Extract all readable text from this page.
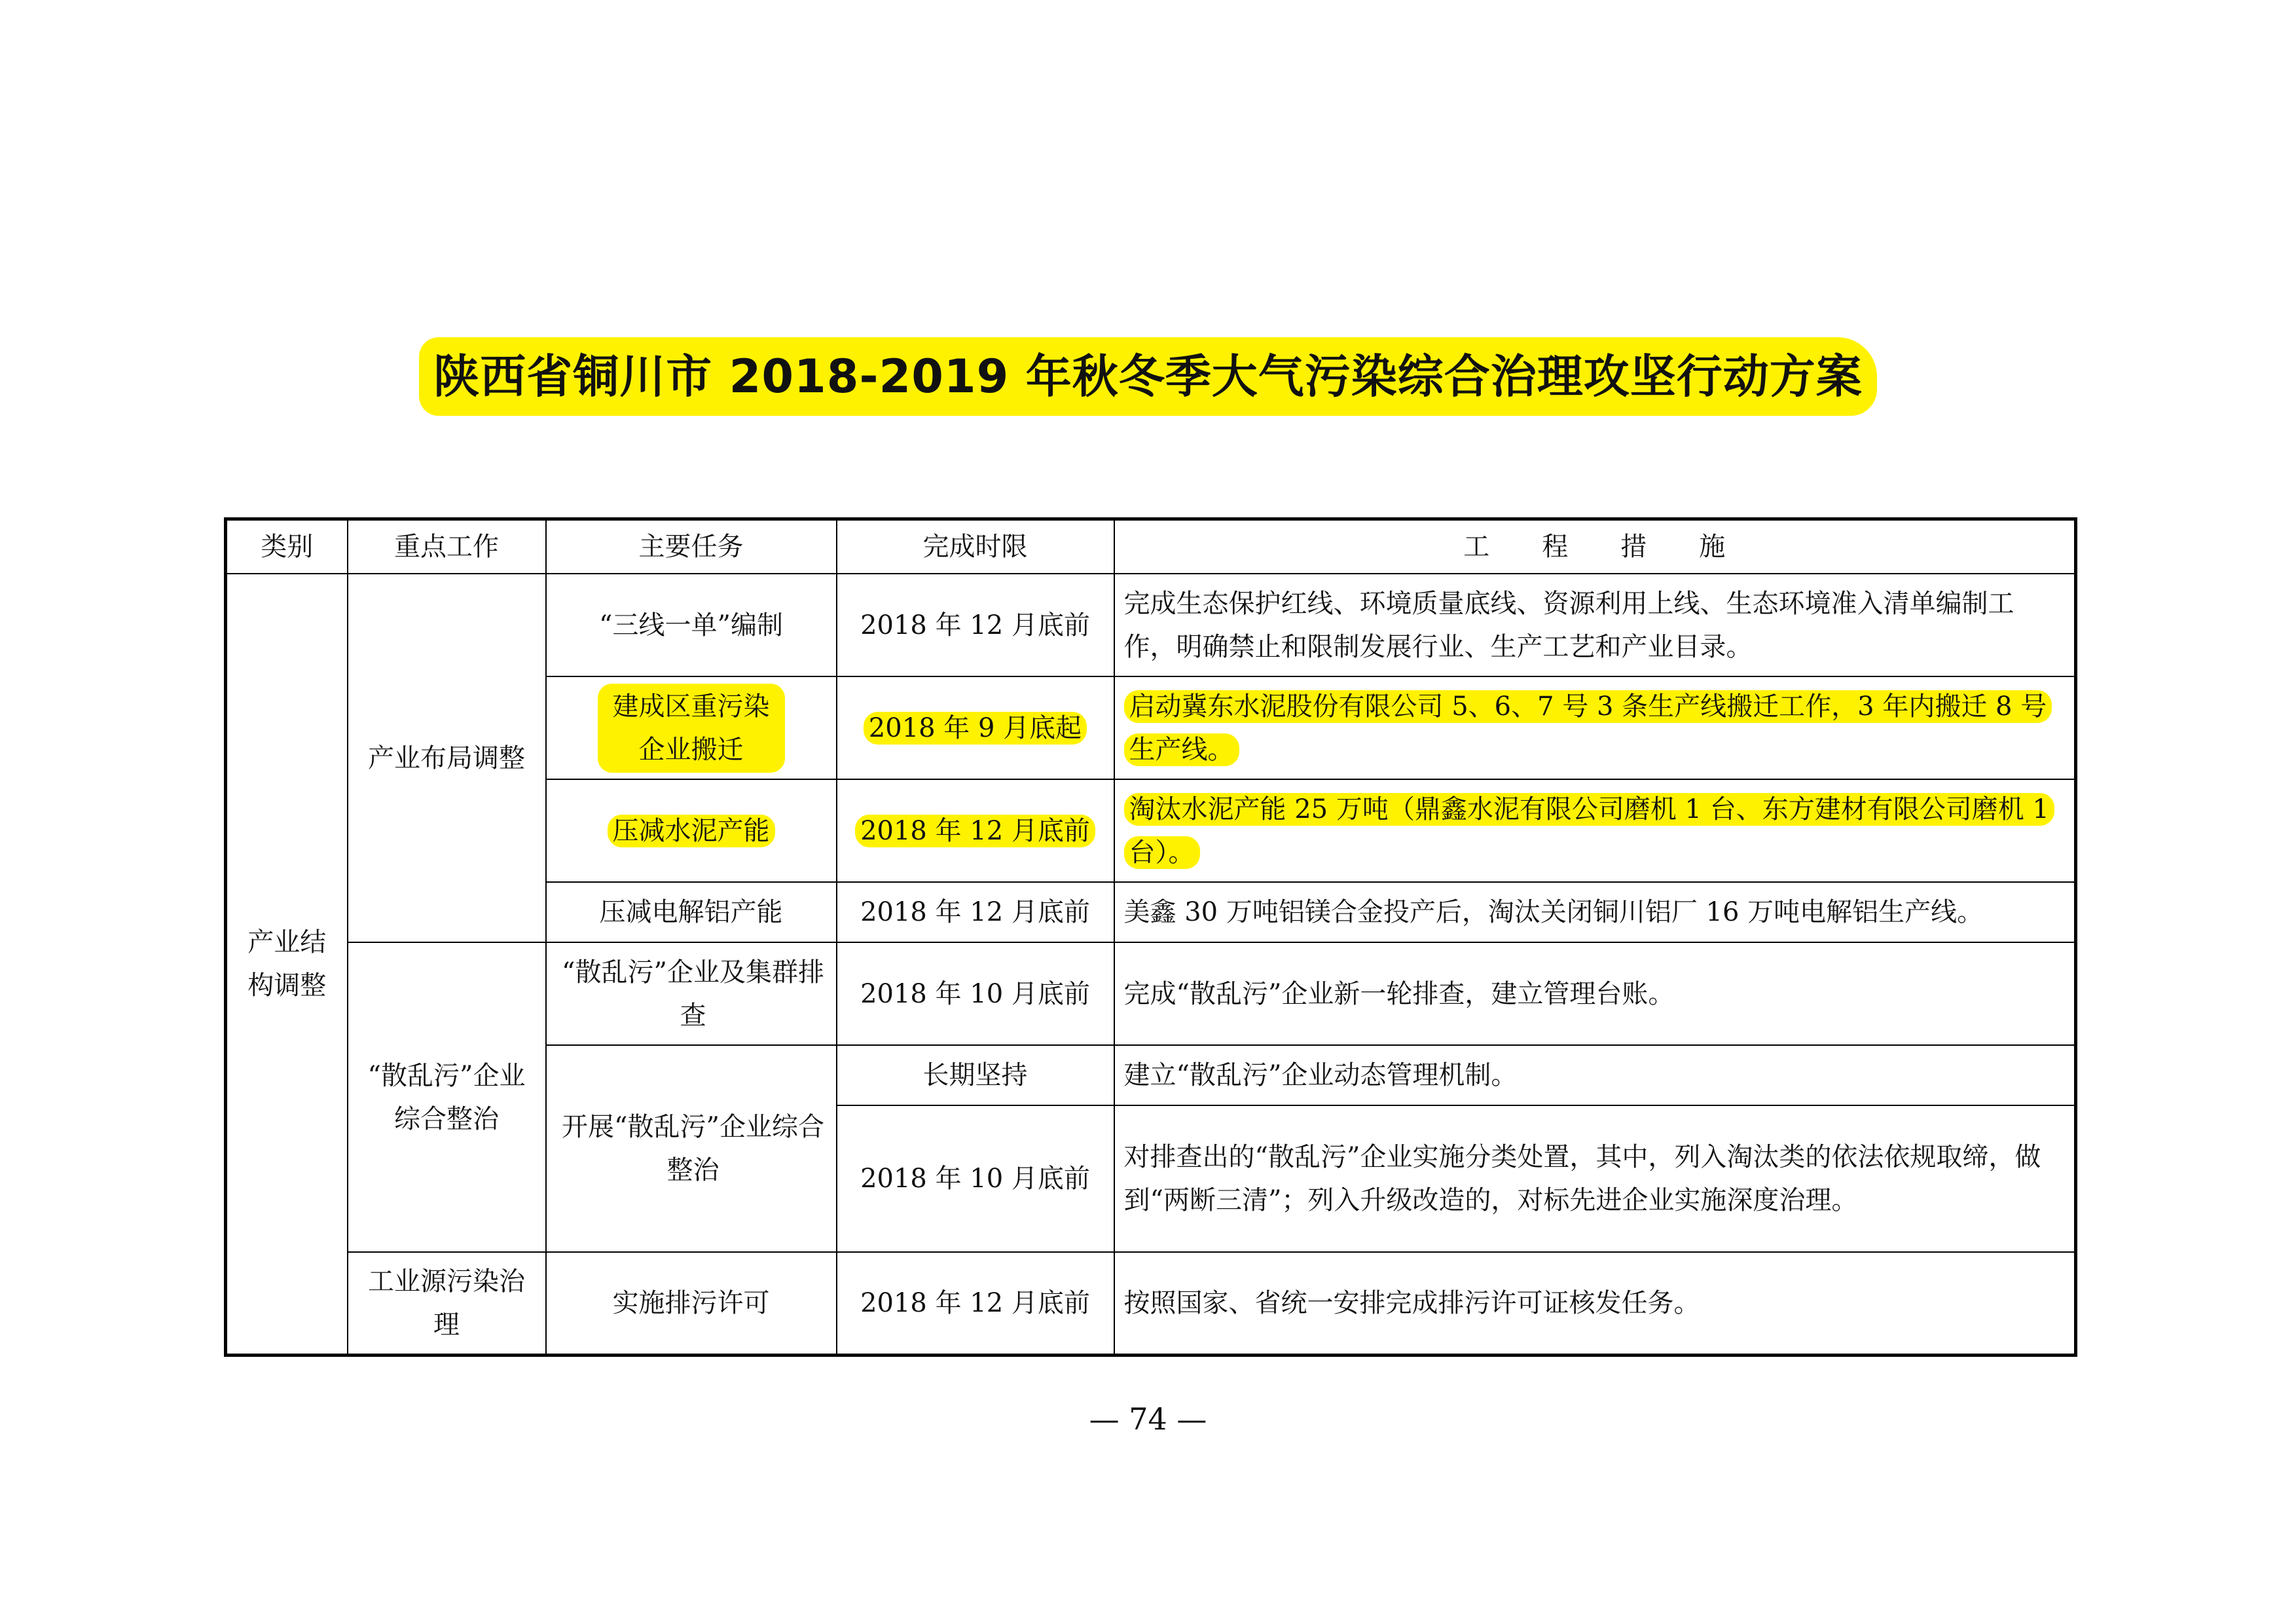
陕西省铜川市 2018-2019 年秋冬季大气污染综合治理攻坚行动方案
类别	重点工作	主要任务	完成时限	工 程 措 施
产业结构调整	产业布局调整	“三线一单”编制	2018 年 12 月底前	完成生态保护红线、环境质量底线、资源利用上线、生态环境准入清单编制工作，明确禁止和限制发展行业、生产工艺和产业目录。
		建成区重污染企业搬迁	2018 年 9 月底起	启动冀东水泥股份有限公司 5、6、7 号 3 条生产线搬迁工作，3 年内搬迁 8 号生产线。
		压减水泥产能	2018 年 12 月底前	淘汰水泥产能 25 万吨（鼎鑫水泥有限公司磨机 1 台、东方建材有限公司磨机 1 台）。
		压减电解铝产能	2018 年 12 月底前	美鑫 30 万吨铝镁合金投产后，淘汰关闭铜川铝厂 16 万吨电解铝生产线。
	“散乱污”企业综合整治	“散乱污”企业及集群排查	2018 年 10 月底前	完成“散乱污”企业新一轮排查，建立管理台账。
		开展“散乱污”企业综合整治	长期坚持	建立“散乱污”企业动态管理机制。
			2018 年 10 月底前	对排查出的“散乱污”企业实施分类处置，其中，列入淘汰类的依法依规取缔，做到“两断三清”；列入升级改造的，对标先进企业实施深度治理。
	工业源污染治理	实施排污许可	2018 年 12 月底前	按照国家、省统一安排完成排污许可证核发任务。
— 74 —
